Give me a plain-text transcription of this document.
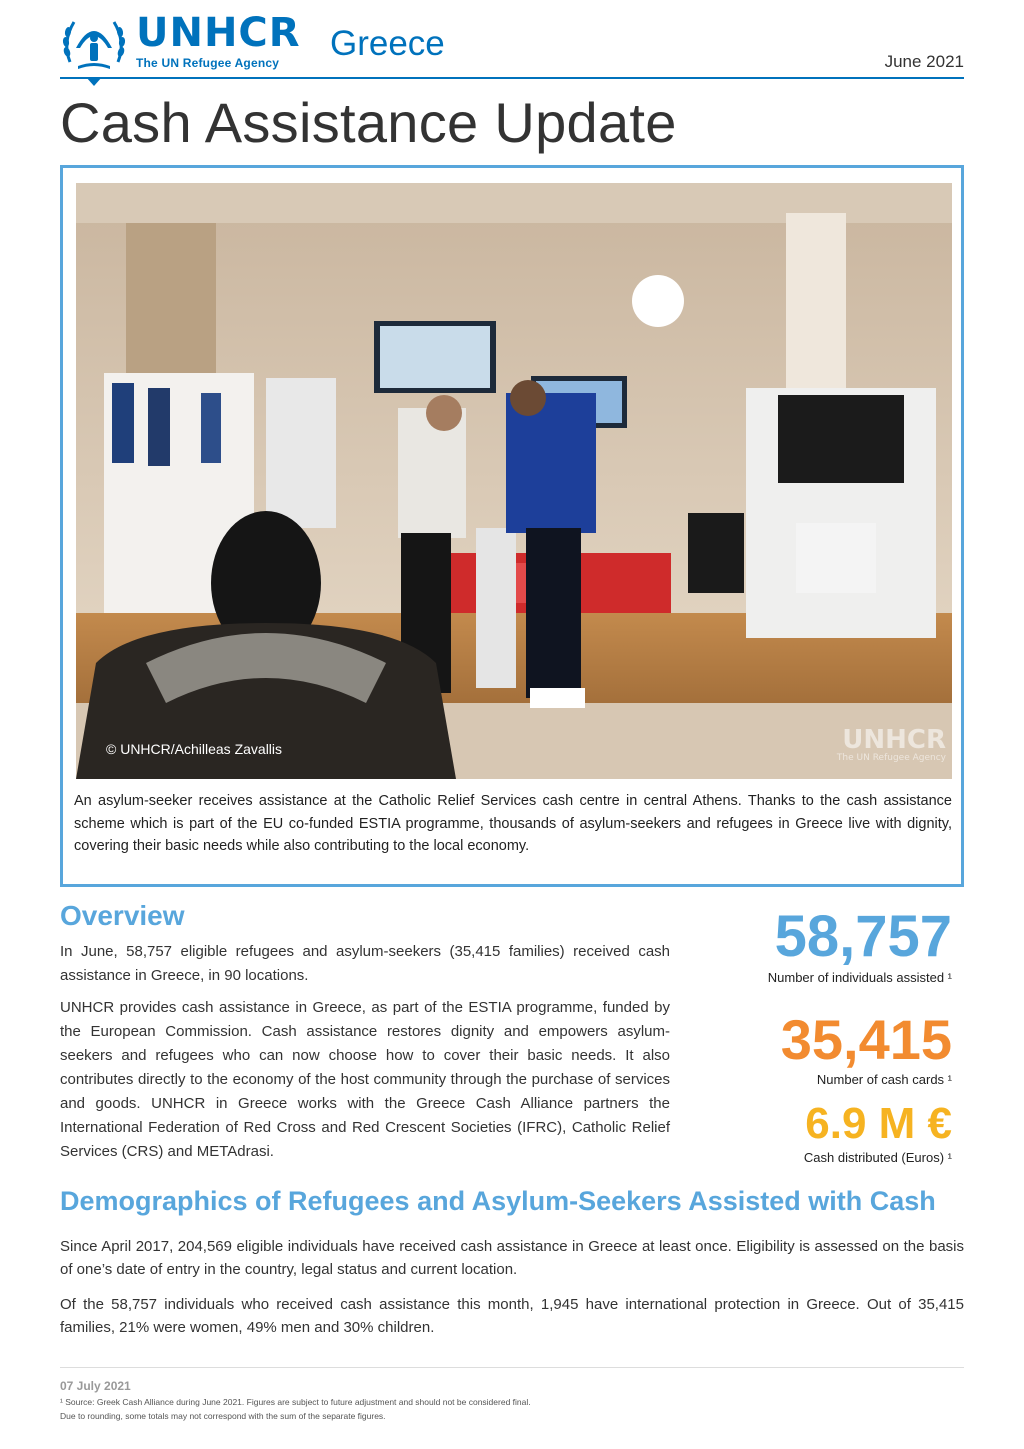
UNHCR
The UN Refugee Agency	Greece	June 2021
Cash Assistance Update
© UNHCR/Achilleas Zavallis	UNHCR
The UN Refugee Agency

An asylum-seeker receives assistance at the Catholic Relief Services cash centre in central Athens. Thanks to the cash assistance scheme which is part of the EU co-funded ESTIA programme, thousands of asylum-seekers and refugees in Greece live with dignity, covering their basic needs while also contributing to the local economy.

Overview

In June, 58,757 eligible refugees and asylum-seekers (35,415 families) received cash assistance in Greece, in 90 locations.

UNHCR provides cash assistance in Greece, as part of the ESTIA programme, funded by the European Commission. Cash assistance restores dignity and empowers asylum-seekers and refugees who can now choose how to cover their basic needs. It also contributes directly to the economy of the host community through the purchase of services and goods. UNHCR in Greece works with the Greece Cash Alliance partners the International Federation of Red Cross and Red Crescent Societies (IFRC), Catholic Relief Services (CRS) and METAdrasi.

58,757
Number of individuals assisted ¹
35,415
Number of cash cards ¹
6.9 M €
Cash distributed (Euros) ¹
Demographics of Refugees and Asylum-Seekers Assisted with Cash

Since April 2017, 204,569 eligible individuals have received cash assistance in Greece at least once. Eligibility is assessed on the basis of one’s date of entry in the country, legal status and current location.

Of the 58,757 individuals who received cash assistance this month, 1,945 have international protection in Greece. Out of 35,415 families, 21% were women, 49% men and 30% children.

07 July 2021
¹ Source: Greek Cash Alliance during June 2021. Figures are subject to future adjustment and should not be considered final.
Due to rounding, some totals may not correspond with the sum of the separate figures.
